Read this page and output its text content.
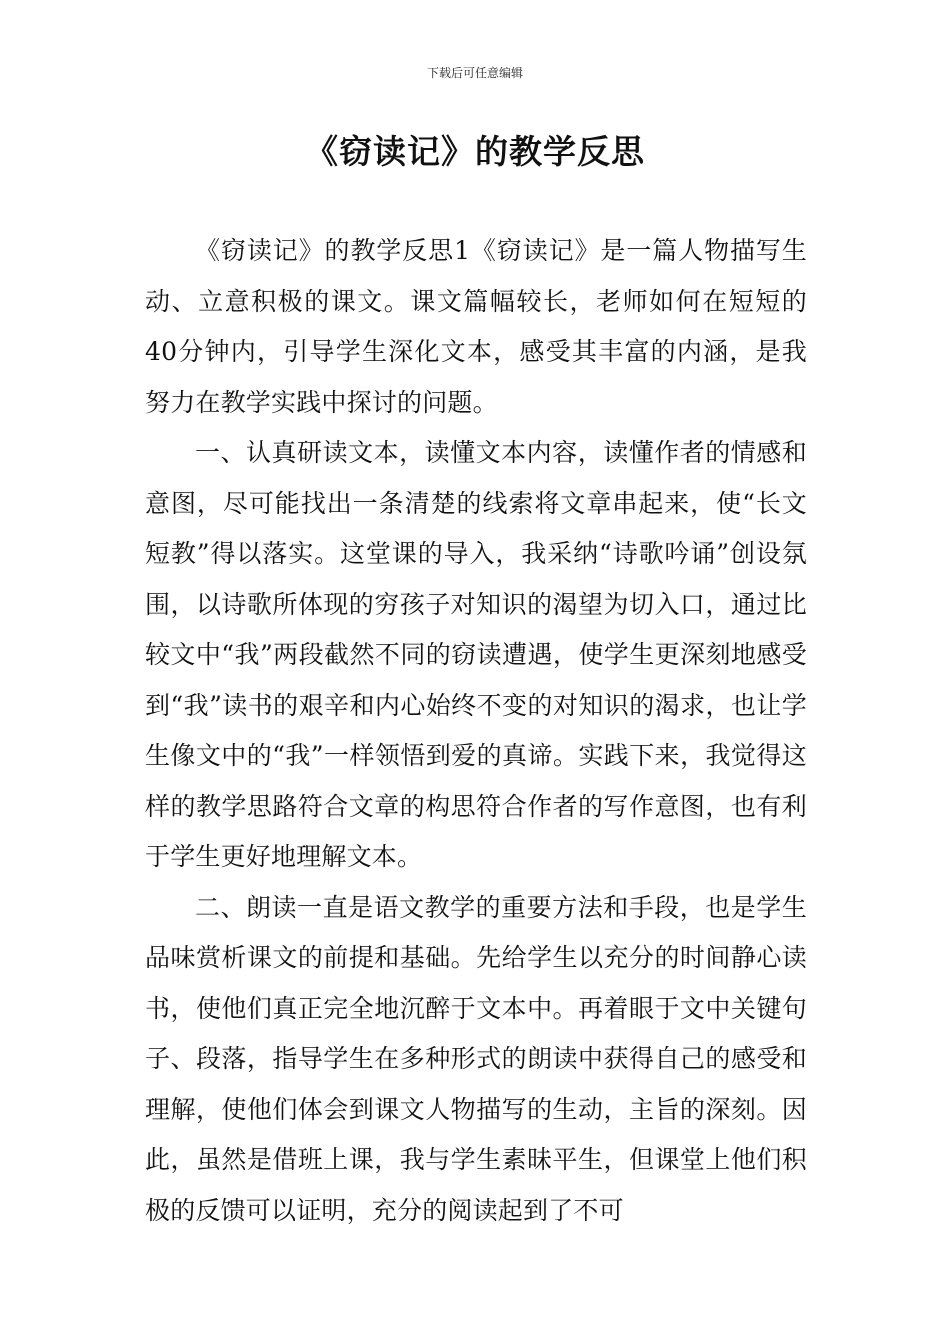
下载后可任意编辑
《窃读记》的教学反思

《窃读记》的教学反思1《窃读记》是一篇人物描写生动、立意积极的课文。课文篇幅较长，老师如何在短短的40分钟内，引导学生深化文本，感受其丰富的内涵，是我努力在教学实践中探讨的问题。

一、认真研读文本，读懂文本内容，读懂作者的情感和意图，尽可能找出一条清楚的线索将文章串起来，使“长文短教”得以落实。这堂课的导入，我采纳“诗歌吟诵”创设氛围，以诗歌所体现的穷孩子对知识的渴望为切入口，通过比较文中“我”两段截然不同的窃读遭遇，使学生更深刻地感受到“我”读书的艰辛和内心始终不变的对知识的渴求，也让学生像文中的“我”一样领悟到爱的真谛。实践下来，我觉得这样的教学思路符合文章的构思符合作者的写作意图，也有利于学生更好地理解文本。

二、朗读一直是语文教学的重要方法和手段，也是学生品味赏析课文的前提和基础。先给学生以充分的时间静心读书，使他们真正完全地沉醉于文本中。再着眼于文中关键句子、段落，指导学生在多种形式的朗读中获得自己的感受和理解，使他们体会到课文人物描写的生动，主旨的深刻。因此，虽然是借班上课，我与学生素昧平生，但课堂上他们积极的反馈可以证明，充分的阅读起到了不可
